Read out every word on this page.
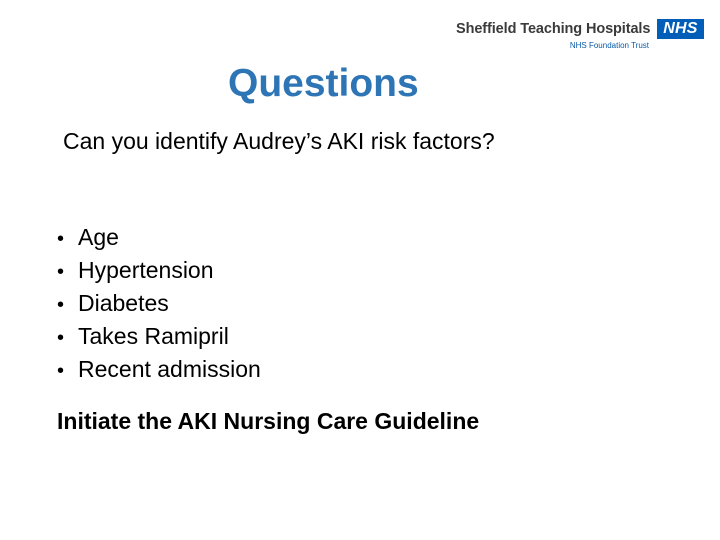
Sheffield Teaching Hospitals NHS
NHS Foundation Trust
Questions

Can you identify Audrey’s AKI risk factors?

• Age
• Hypertension
• Diabetes
• Takes Ramipril
• Recent admission

Initiate the AKI Nursing Care Guideline
